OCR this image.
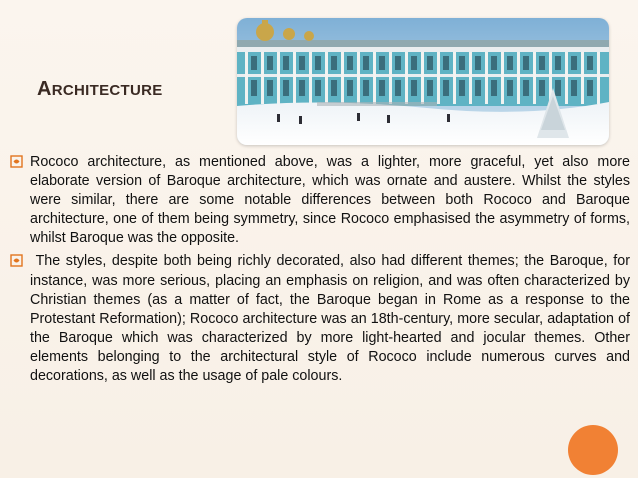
ARCHITECTURE
Rococo architecture, as mentioned above, was a lighter, more graceful, yet also more elaborate version of Baroque architecture, which was ornate and austere. Whilst the styles were similar, there are some notable differences between both Rococo and Baroque architecture, one of them being symmetry, since Rococo emphasised the asymmetry of forms, whilst Baroque was the opposite.
The styles, despite both being richly decorated, also had different themes; the Baroque, for instance, was more serious, placing an emphasis on religion, and was often characterized by Christian themes (as a matter of fact, the Baroque began in Rome as a response to the Protestant Reformation); Rococo architecture was an 18th-century, more secular, adaptation of the Baroque which was characterized by more light-hearted and jocular themes. Other elements belonging to the architectural style of Rococo include numerous curves and decorations, as well as the usage of pale colours.
